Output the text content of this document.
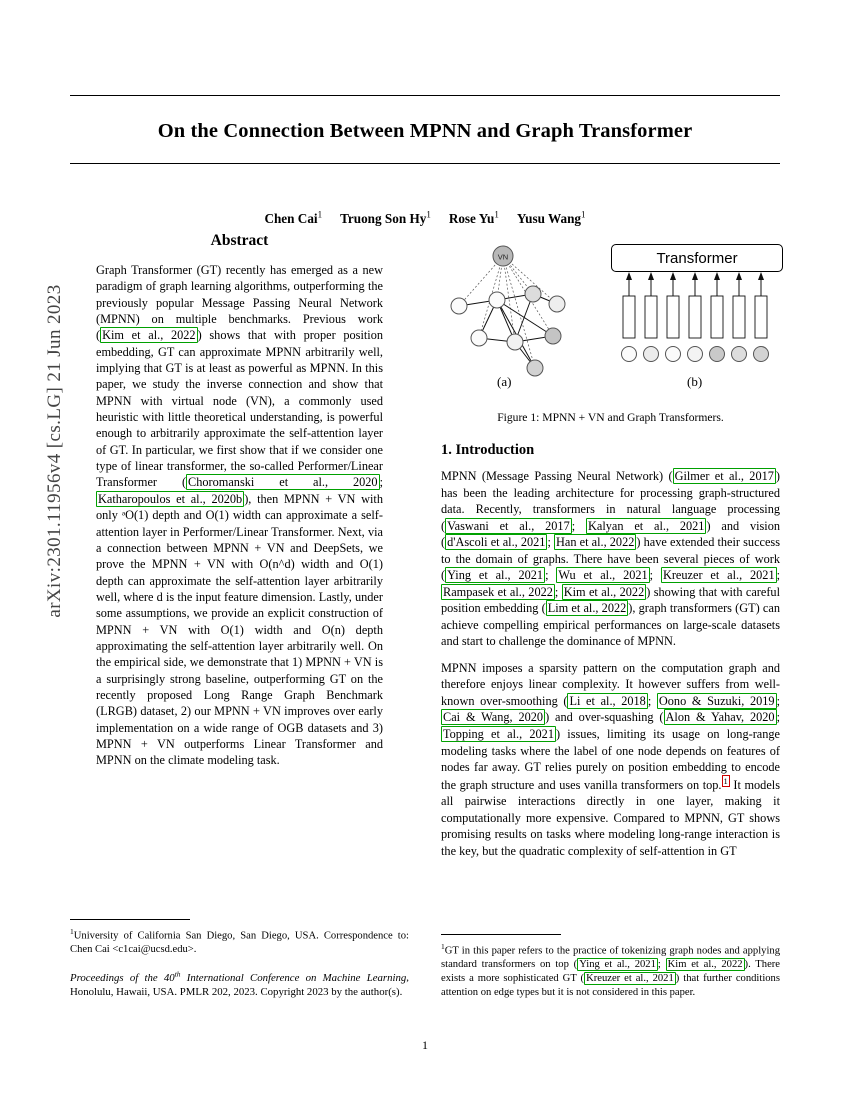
arXiv:2301.11956v4 [cs.LG] 21 Jun 2023
On the Connection Between MPNN and Graph Transformer
Chen Cai$^1$ Truong Son Hy$^1$ Rose Yu$^1$ Yusu Wang$^1$
Abstract

Graph Transformer (GT) recently has emerged as a new paradigm of graph learning algorithms, outperforming the previously popular Message Passing Neural Network (MPNN) on multiple benchmarks. Previous work ( Kim et al., 2022 ) shows that with proper position embedding, GT can approximate MPNN arbitrarily well, implying that GT is at least as powerful as MPNN. In this paper, we study the inverse connection and show that MPNN with virtual node (VN), a commonly used heuristic with little theoretical understanding, is powerful enough to arbitrarily approximate the self-attention layer of GT. In particular, we first show that if we consider one type of linear transformer, the so-called Performer/Linear Transformer ( Choromanski et al., 2020 ; Katharopoulos et al., 2020b ), then MPNN + VN with only ᵊO(1) depth and O(1) width can approximate a self-attention layer in Performer/Linear Transformer. Next, via a connection between MPNN + VN and DeepSets, we prove the MPNN + VN with O(n^d) width and O(1) depth can approximate the self-attention layer arbitrarily well, where d is the input feature dimension. Lastly, under some assumptions, we provide an explicit construction of MPNN + VN with O(1) width and O(n) depth approximating the self-attention layer arbitrarily well. On the empirical side, we demonstrate that 1) MPNN + VN is a surprisingly strong baseline, outperforming GT on the recently proposed Long Range Graph Benchmark (LRGB) dataset, 2) our MPNN + VN improves over early implementation on a wide range of OGB datasets and 3) MPNN + VN outperforms Linear Transformer and MPNN on the climate modeling task.

VN	Transformer
(a)	(b)
Figure 1: MPNN + VN and Graph Transformers.
1. Introduction

MPNN (Message Passing Neural Network) ( Gilmer et al., 2017 ) has been the leading architecture for processing graph-structured data. Recently, transformers in natural language processing ( Vaswani et al., 2017 ; Kalyan et al., 2021 ) and vision ( d'Ascoli et al., 2021 ; Han et al., 2022 ) have extended their success to the domain of graphs. There have been several pieces of work ( Ying et al., 2021 ; Wu et al., 2021 ; Kreuzer et al., 2021 ; Rampasek et al., 2022 ; Kim et al., 2022 ) showing that with careful position embedding ( Lim et al., 2022 ), graph transformers (GT) can achieve compelling empirical performances on large-scale datasets and start to challenge the dominance of MPNN.

MPNN imposes a sparsity pattern on the computation graph and therefore enjoys linear complexity. It however suffers from well-known over-smoothing ( Li et al., 2018 ; Oono & Suzuki, 2019 ; Cai & Wang, 2020 ) and over-squashing ( Alon & Yahav, 2020 ; Topping et al., 2021 ) issues, limiting its usage on long-range modeling tasks where the label of one node depends on features of nodes far away. GT relies purely on position embedding to encode the graph structure and uses vanilla transformers on top. $^1$ It models all pairwise interactions directly in one layer, making it computationally more expensive. Compared to MPNN, GT shows promising results on tasks where modeling long-range interaction is the key, but the quadratic complexity of self-attention in GT

$^1$University of California San Diego, San Diego, USA. Correspondence to: Chen Cai <c1cai@ucsd.edu>.
Proceedings of the 40th International Conference on Machine Learning, Honolulu, Hawaii, USA. PMLR 202, 2023. Copyright 2023 by the author(s).
$^1$GT in this paper refers to the practice of tokenizing graph nodes and applying standard transformers on top ( Ying et al., 2021 ; Kim et al., 2022 ). There exists a more sophisticated GT ( Kreuzer et al., 2021 ) that further conditions attention on edge types but it is not considered in this paper.
1
